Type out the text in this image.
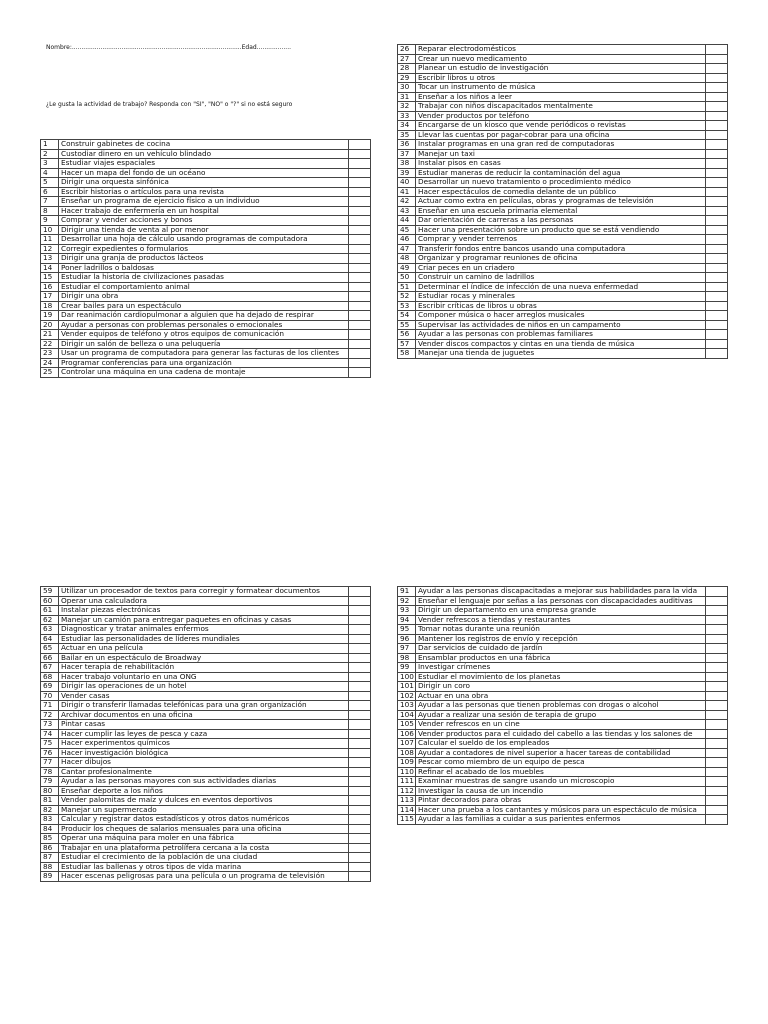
Nombre:.........................................................................................Edad..................
¿Le gusta la actividad de trabajo? Responda con "SI", "NO" o "?" si no está seguro
1	Construir gabinetes de cocina	
2	Custodiar dinero en un vehículo blindado	
3	Estudiar viajes espaciales	
4	Hacer un mapa del fondo de un océano	
5	Dirigir una orquesta sinfónica	
6	Escribir historias o artículos para una revista	
7	Enseñar un programa de ejercicio físico a un individuo	
8	Hacer trabajo de enfermería en un hospital	
9	Comprar y vender acciones y bonos	
10	Dirigir una tienda de venta al por menor	
11	Desarrollar una hoja de cálculo usando programas de computadora	
12	Corregir expedientes o formularios	
13	Dirigir una granja de productos lácteos	
14	Poner ladrillos o baldosas	
15	Estudiar la historia de civilizaciones pasadas	
16	Estudiar el comportamiento animal	
17	Dirigir una obra	
18	Crear bailes para un espectáculo	
19	Dar reanimación cardiopulmonar a alguien que ha dejado de respirar	
20	Ayudar a personas con problemas personales o emocionales	
21	Vender equipos de teléfono y otros equipos de comunicación	
22	Dirigir un salón de belleza o una peluquería	
23	Usar un programa de computadora para generar las facturas de los clientes	
24	Programar conferencias para una organización	
25	Controlar una máquina en una cadena de montaje	
26	Reparar electrodomésticos	
27	Crear un nuevo medicamento	
28	Planear un estudio de investigación	
29	Escribir libros u otros	
30	Tocar un instrumento de música	
31	Enseñar a los niños a leer	
32	Trabajar con niños discapacitados mentalmente	
33	Vender productos por teléfono	
34	Encargarse de un kiosco que vende periódicos o revistas	
35	Llevar las cuentas por pagar-cobrar para una oficina	
36	Instalar programas en una gran red de computadoras	
37	Manejar un taxi	
38	Instalar pisos en casas	
39	Estudiar maneras de reducir la contaminación del agua	
40	Desarrollar un nuevo tratamiento o procedimiento médico	
41	Hacer espectáculos de comedia delante de un público	
42	Actuar como extra en películas, obras y programas de televisión	
43	Enseñar en una escuela primaria elemental	
44	Dar orientación de carreras a las personas	
45	Hacer una presentación sobre un producto que se está vendiendo	
46	Comprar y vender terrenos	
47	Transferir fondos entre bancos usando una computadora	
48	Organizar y programar reuniones de oficina	
49	Criar peces en un criadero	
50	Construir un camino de ladrillos	
51	Determinar el índice de infección de una nueva enfermedad	
52	Estudiar rocas y minerales	
53	Escribir críticas de libros u obras	
54	Componer música o hacer arreglos musicales	
55	Supervisar las actividades de niños en un campamento	
56	Ayudar a las personas con problemas familiares	
57	Vender discos compactos y cintas en una tienda de música	
58	Manejar una tienda de juguetes	
59	Utilizar un procesador de textos para corregir y formatear documentos	
60	Operar una calculadora	
61	Instalar piezas electrónicas	
62	Manejar un camión para entregar paquetes en oficinas y casas	
63	Diagnosticar y tratar animales enfermos	
64	Estudiar las personalidades de líderes mundiales	
65	Actuar en una película	
66	Bailar en un espectáculo de Broadway	
67	Hacer terapia de rehabilitación	
68	Hacer trabajo voluntario en una ONG	
69	Dirigir las operaciones de un hotel	
70	Vender casas	
71	Dirigir o transferir llamadas telefónicas para una gran organización	
72	Archivar documentos en una oficina	
73	Pintar casas	
74	Hacer cumplir las leyes de pesca y caza	
75	Hacer experimentos químicos	
76	Hacer investigación biológica	
77	Hacer dibujos	
78	Cantar profesionalmente	
79	Ayudar a las personas mayores con sus actividades diarias	
80	Enseñar deporte a los niños	
81	Vender palomitas de maíz y dulces en eventos deportivos	
82	Manejar un supermercado	
83	Calcular y registrar datos estadísticos y otros datos numéricos	
84	Producir los cheques de salarios mensuales para una oficina	
85	Operar una máquina para moler en una fábrica	
86	Trabajar en una plataforma petrolífera cercana a la costa	
87	Estudiar el crecimiento de la población de una ciudad	
88	Estudiar las ballenas y otros tipos de vida marina	
89	Hacer escenas peligrosas para una película o un programa de televisión	
91	Ayudar a las personas discapacitadas a mejorar sus habilidades para la vida	
92	Enseñar el lenguaje por señas a las personas con discapacidades auditivas	
93	Dirigir un departamento en una empresa grande	
94	Vender refrescos a tiendas y restaurantes	
95	Tomar notas durante una reunión	
96	Mantener los registros de envío y recepción	
97	Dar servicios de cuidado de jardín	
98	Ensamblar productos en una fábrica	
99	Investigar crímenes	
100	Estudiar el movimiento de los planetas	
101	Dirigir un coro	
102	Actuar en una obra	
103	Ayudar a las personas que tienen problemas con drogas o alcohol	
104	Ayudar a realizar una sesión de terapia de grupo	
105	Vender refrescos en un cine	
106	Vender productos para el cuidado del cabello a las tiendas y los salones de	
107	Calcular el sueldo de los empleados	
108	Ayudar a contadores de nivel superior a hacer tareas de contabilidad	
109	Pescar como miembro de un equipo de pesca	
110	Refinar el acabado de los muebles	
111	Examinar muestras de sangre usando un microscopio	
112	Investigar la causa de un incendio	
113	Pintar decorados para obras	
114	Hacer una prueba a los cantantes y músicos para un espectáculo de música	
115	Ayudar a las familias a cuidar a sus parientes enfermos	
